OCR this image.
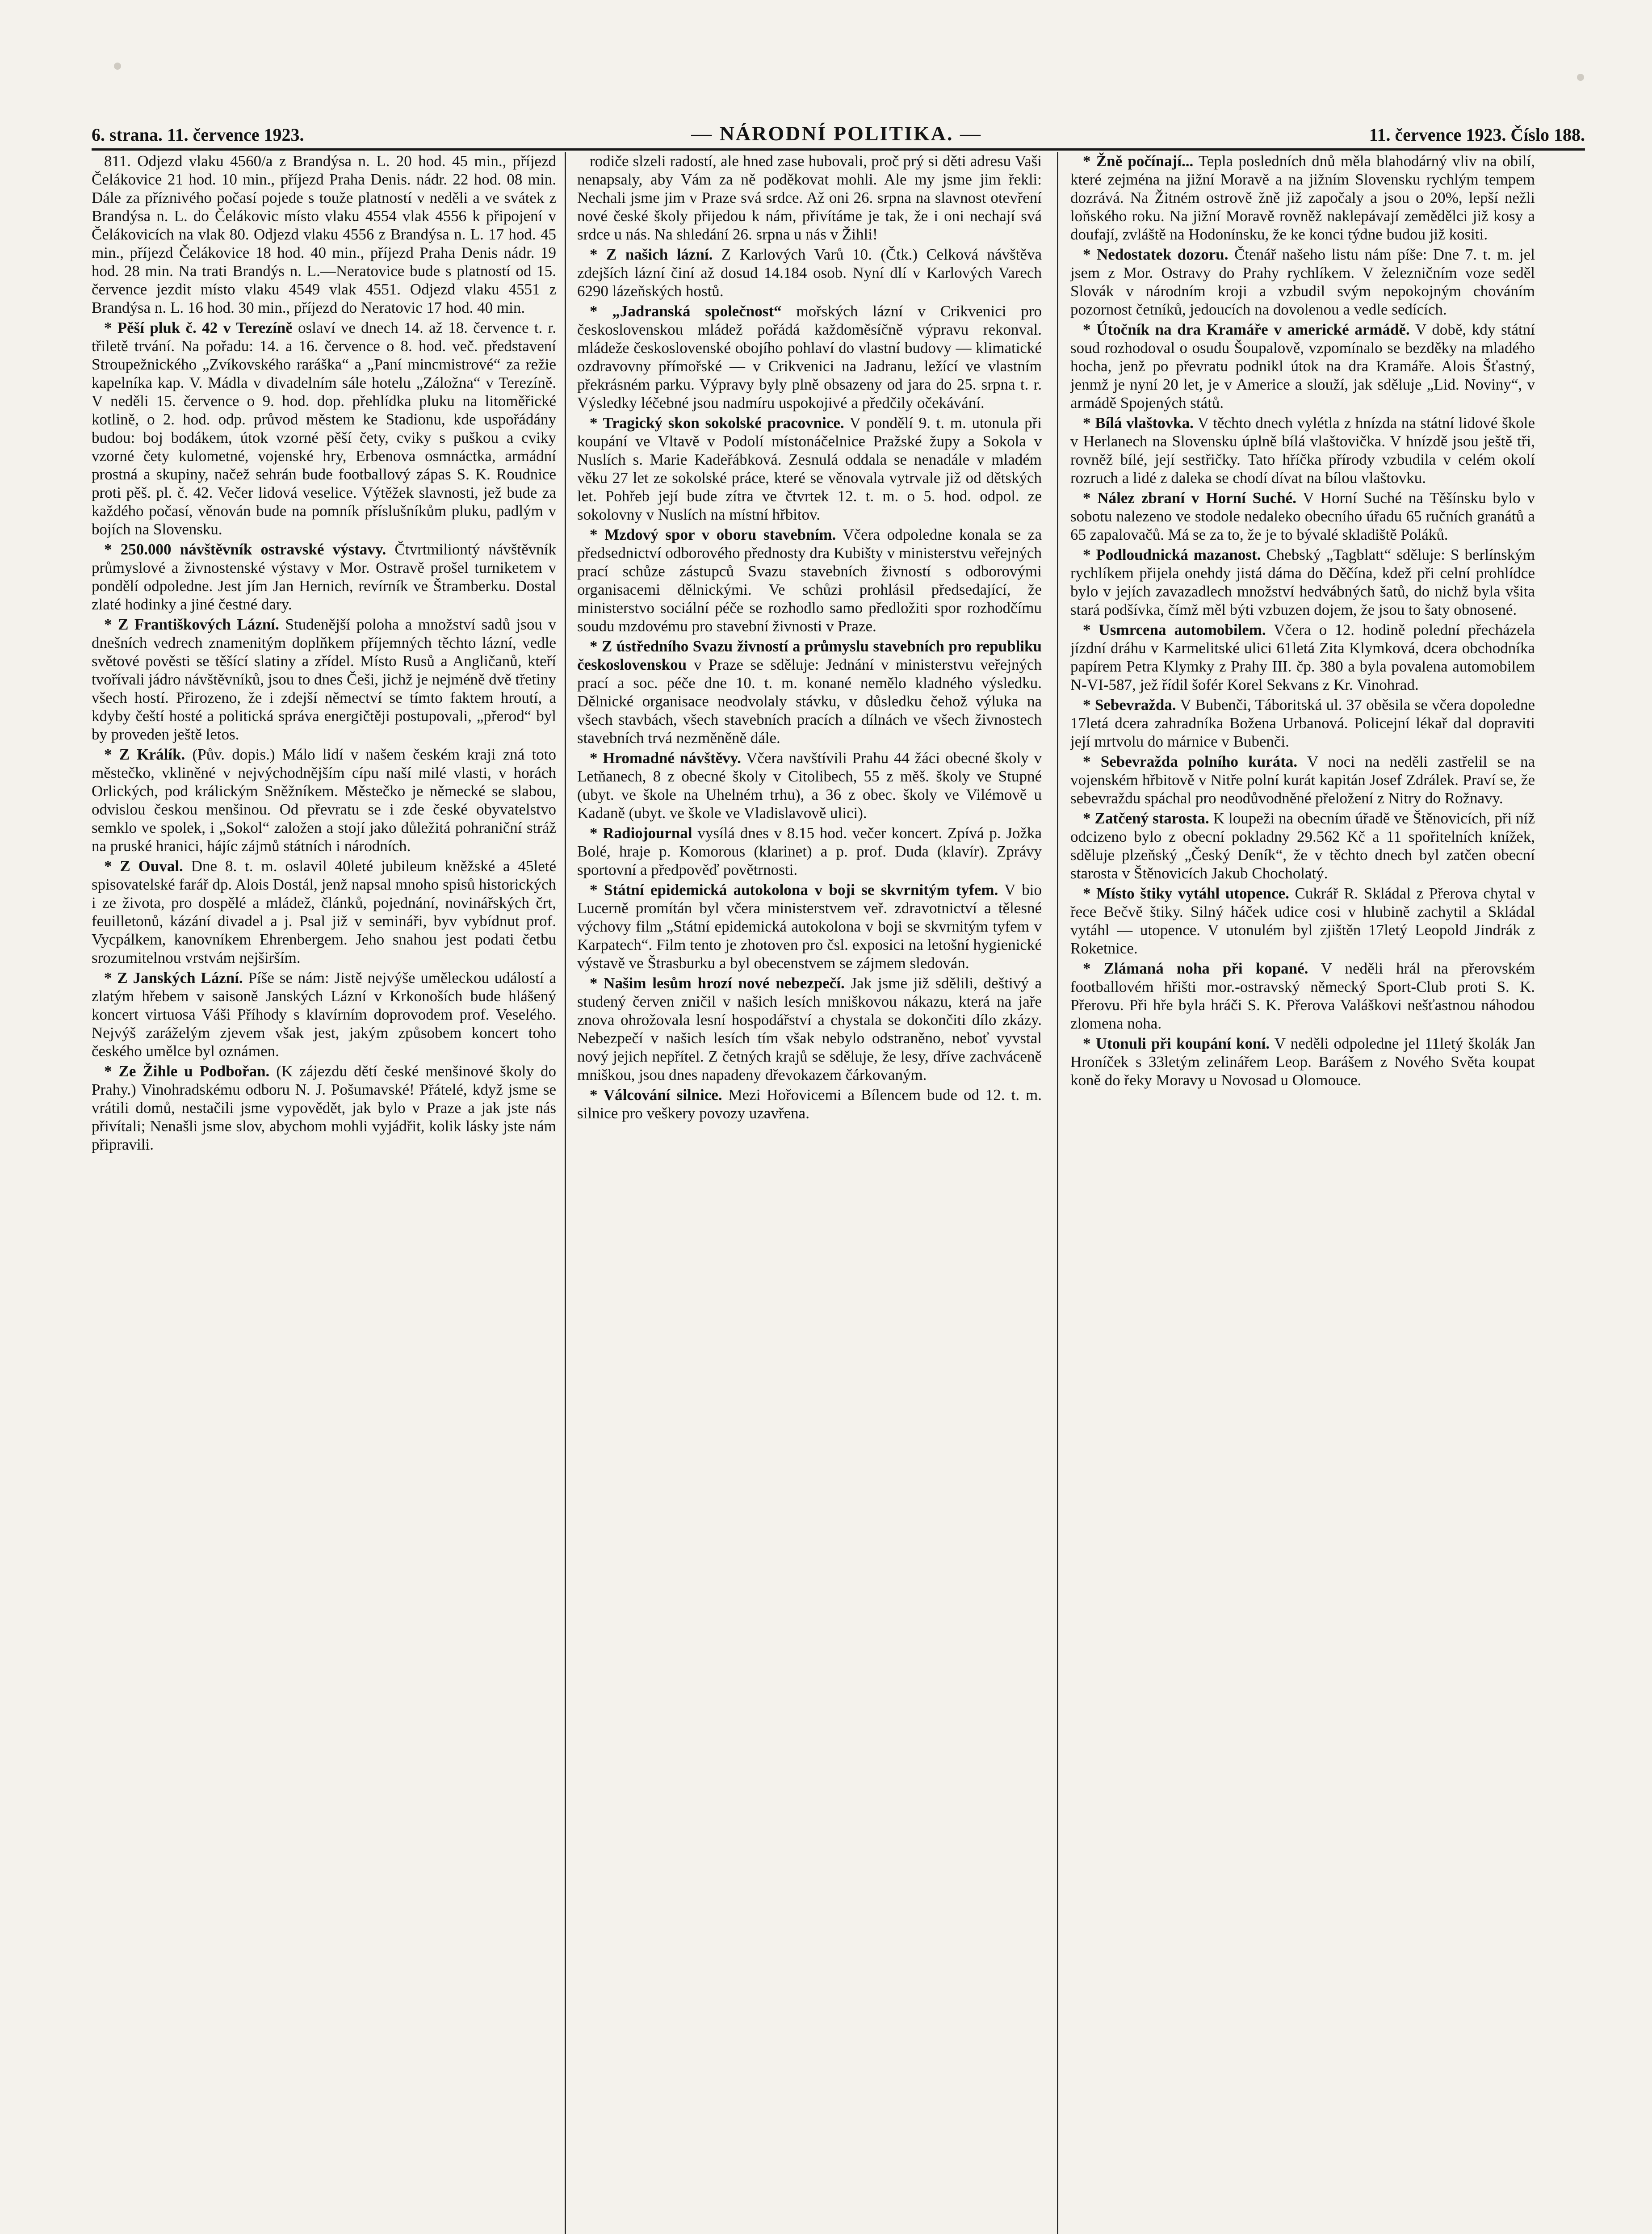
6. strana. 11. července 1923.	— NÁRODNÍ POLITIKA. —	11. července 1923. Číslo 188.

811. Odjezd vlaku 4560/a z Brandýsa n. L. 20 hod. 45 min., příjezd Čelákovice 21 hod. 10 min., příjezd Praha Denis. nádr. 22 hod. 08 min. Dále za příznivého počasí pojede s touže platností v neděli a ve svátek z Brandýsa n. L. do Čelákovic místo vlaku 4554 vlak 4556 k připojení v Čelákovicích na vlak 80. Odjezd vlaku 4556 z Brandýsa n. L. 17 hod. 45 min., příjezd Čelákovice 18 hod. 40 min., příjezd Praha Denis nádr. 19 hod. 28 min. Na trati Brandýs n. L.—Neratovice bude s platností od 15. července jezdit místo vlaku 4549 vlak 4551. Odjezd vlaku 4551 z Brandýsa n. L. 16 hod. 30 min., příjezd do Neratovic 17 hod. 40 min.

* Pěší pluk č. 42 v Terezíně oslaví ve dnech 14. až 18. července t. r. třiletě trvání. Na pořadu: 14. a 16. července o 8. hod. več. představení Stroupežnického „Zvíkovského raráška“ a „Paní mincmistrové“ za režie kapelníka kap. V. Mádla v divadelním sále hotelu „Záložna“ v Terezíně. V neděli 15. července o 9. hod. dop. přehlídka pluku na litoměřické kotlině, o 2. hod. odp. průvod městem ke Stadionu, kde uspořádány budou: boj bodákem, útok vzorné pěší čety, cviky s puškou a cviky vzorné čety kulometné, vojenské hry, Erbenova osmnáctka, armádní prostná a skupiny, načež sehrán bude footballový zápas S. K. Roudnice proti pěš. pl. č. 42. Večer lidová veselice. Výtěžek slavnosti, jež bude za každého počasí, věnován bude na pomník příslušníkům pluku, padlým v bojích na Slovensku.

* 250.000 návštěvník ostravské výstavy. Čtvrtmiliontý návštěvník průmyslové a živnostenské výstavy v Mor. Ostravě prošel turniketem v pondělí odpoledne. Jest jím Jan Hernich, revírník ve Štramberku. Dostal zlaté hodinky a jiné čestné dary.

* Z Františkových Lázní. Studenější poloha a množství sadů jsou v dnešních vedrech znamenitým doplňkem příjemných těchto lázní, vedle světové pověsti se těšící slatiny a zřídel. Místo Rusů a Angličanů, kteří tvořívali jádro návštěvníků, jsou to dnes Češi, jichž je nejméně dvě třetiny všech hostí. Přirozeno, že i zdejší němectví se tímto faktem hroutí, a kdyby čeští hosté a politická správa energičtěji postupovali, „přerod“ byl by proveden ještě letos.

* Z Králík. (Pův. dopis.) Málo lidí v našem českém kraji zná toto městečko, vkliněné v nejvýchodnějším cípu naší milé vlasti, v horách Orlických, pod králickým Sněžníkem. Městečko je německé se slabou, odvislou českou menšinou. Od převratu se i zde české obyvatelstvo semklo ve spolek, i „Sokol“ založen a stojí jako důležitá pohraniční stráž na pruské hranici, hájíc zájmů státních i národních.

* Z Ouval. Dne 8. t. m. oslavil 40leté jubileum kněžské a 45leté spisovatelské farář dp. Alois Dostál, jenž napsal mnoho spisů historických i ze života, pro dospělé a mládež, článků, pojednání, novinářských črt, feuilletonů, kázání divadel a j. Psal již v semináři, byv vybídnut prof. Vycpálkem, kanovníkem Ehrenbergem. Jeho snahou jest podati četbu srozumitelnou vrstvám nejširším.

* Z Janských Lázní. Píše se nám: Jistě nejvýše uměleckou událostí a zlatým hřebem v saisoně Janských Lázní v Krkonoších bude hlášený koncert virtuosa Váši Příhody s klavírním doprovodem prof. Veselého. Nejvýš zaráželým zjevem však jest, jakým způsobem koncert toho českého umělce byl oznámen.

* Ze Žihle u Podbořan. (K zájezdu dětí české menšinové školy do Prahy.) Vinohradskému odboru N. J. Pošumavské! Přátelé, když jsme se vrátili domů, nestačili jsme vypovědět, jak bylo v Praze a jak jste nás přivítali; Nenašli jsme slov, abychom mohli vyjádřit, kolik lásky jste nám připravili.

rodiče slzeli radostí, ale hned zase hubovali, proč prý si děti adresu Vaši nenapsaly, aby Vám za ně poděkovat mohli. Ale my jsme jim řekli: Nechali jsme jim v Praze svá srdce. Až oni 26. srpna na slavnost otevření nové české školy přijedou k nám, přivítáme je tak, že i oni nechají svá srdce u nás. Na shledání 26. srpna u nás v Žihli!

* Z našich lázní. Z Karlových Varů 10. (Čtk.) Celková návštěva zdejších lázní činí až dosud 14.184 osob. Nyní dlí v Karlových Varech 6290 lázeňských hostů.

* „Jadranská společnost“ mořských lázní v Crikvenici pro československou mládež pořádá každoměsíčně výpravu rekonval. mládeže československé obojího pohlaví do vlastní budovy — klimatické ozdravovny přímořské — v Crikvenici na Jadranu, ležící ve vlastním překrásném parku. Výpravy byly plně obsazeny od jara do 25. srpna t. r. Výsledky léčebné jsou nadmíru uspokojivé a předčily očekávání.

* Tragický skon sokolské pracovnice. V pondělí 9. t. m. utonula při koupání ve Vltavě v Podolí místonáčelnice Pražské župy a Sokola v Nuslích s. Marie Kadeřábková. Zesnulá oddala se nenadále v mladém věku 27 let ze sokolské práce, které se věnovala vytrvale již od dětských let. Pohřeb její bude zítra ve čtvrtek 12. t. m. o 5. hod. odpol. ze sokolovny v Nuslích na místní hřbitov.

* Mzdový spor v oboru stavebním. Včera odpoledne konala se za předsednictví odborového přednosty dra Kubišty v ministerstvu veřejných prací schůze zástupců Svazu stavebních živností s odborovými organisacemi dělnickými. Ve schůzi prohlásil předsedající, že ministerstvo sociální péče se rozhodlo samo předložiti spor rozhodčímu soudu mzdovému pro stavební živnosti v Praze.

* Z ústředního Svazu živností a průmyslu stavebních pro republiku československou v Praze se sděluje: Jednání v ministerstvu veřejných prací a soc. péče dne 10. t. m. konané nemělo kladného výsledku. Dělnické organisace neodvolaly stávku, v důsledku čehož výluka na všech stavbách, všech stavebních pracích a dílnách ve všech živnostech stavebních trvá nezměněně dále.

* Hromadné návštěvy. Včera navštívili Prahu 44 žáci obecné školy v Letňanech, 8 z obecné školy v Citolibech, 55 z měš. školy ve Stupné (ubyt. ve škole na Uhelném trhu), a 36 z obec. školy ve Vilémově u Kadaně (ubyt. ve škole ve Vladislavově ulici).

* Radiojournal vysílá dnes v 8.15 hod. večer koncert. Zpívá p. Jožka Bolé, hraje p. Komorous (klarinet) a p. prof. Duda (klavír). Zprávy sportovní a předpověď povětrnosti.

* Státní epidemická autokolona v boji se skvrnitým tyfem. V bio Lucerně promítán byl včera ministerstvem veř. zdravotnictví a tělesné výchovy film „Státní epidemická autokolona v boji se skvrnitým tyfem v Karpatech“. Film tento je zhotoven pro čsl. exposici na letošní hygienické výstavě ve Štrasburku a byl obecenstvem se zájmem sledován.

* Našim lesům hrozí nové nebezpečí. Jak jsme již sdělili, deštivý a studený červen zničil v našich lesích mniškovou nákazu, která na jaře znova ohrožovala lesní hospodářství a chystala se dokončiti dílo zkázy. Nebezpečí v našich lesích tím však nebylo odstraněno, neboť vyvstal nový jejich nepřítel. Z četných krajů se sděluje, že lesy, dříve zachváceně mniškou, jsou dnes napadeny dřevokazem čárkovaným.

* Válcování silnice. Mezi Hořovicemi a Bílencem bude od 12. t. m. silnice pro veškery povozy uzavřena.

* Žně počínají... Tepla posledních dnů měla blahodárný vliv na obilí, které zejména na jižní Moravě a na jižním Slovensku rychlým tempem dozrává. Na Žitném ostrově žně již započaly a jsou o 20%, lepší nežli loňského roku. Na jižní Moravě rovněž naklepávají zemědělci již kosy a doufají, zvláště na Hodonínsku, že ke konci týdne budou již kositi.

* Nedostatek dozoru. Čtenář našeho listu nám píše: Dne 7. t. m. jel jsem z Mor. Ostravy do Prahy rychlíkem. V železničním voze seděl Slovák v národním kroji a vzbudil svým nepokojným chováním pozornost četníků, jedoucích na dovolenou a vedle sedících.

* Útočník na dra Kramáře v americké armádě. V době, kdy státní soud rozhodoval o osudu Šoupalově, vzpomínalo se bezděky na mladého hocha, jenž po převratu podnikl útok na dra Kramáře. Alois Šťastný, jenmž je nyní 20 let, je v Americe a slouží, jak sděluje „Lid. Noviny“, v armádě Spojených států.

* Bílá vlaštovka. V těchto dnech vylétla z hnízda na státní lidové škole v Herlanech na Slovensku úplně bílá vlaštovička. V hnízdě jsou ještě tři, rovněž bílé, její sestřičky. Tato hříčka přírody vzbudila v celém okolí rozruch a lidé z daleka se chodí dívat na bílou vlaštovku.

* Nález zbraní v Horní Suché. V Horní Suché na Těšínsku bylo v sobotu nalezeno ve stodole nedaleko obecního úřadu 65 ručních granátů a 65 zapalovačů. Má se za to, že je to bývalé skladiště Poláků.

* Podloudnická mazanost. Chebský „Tagblatt“ sděluje: S berlínským rychlíkem přijela onehdy jistá dáma do Děčína, kdež při celní prohlídce bylo v jejích zavazadlech množství hedvábných šatů, do nichž byla všita stará podšívka, čímž měl býti vzbuzen dojem, že jsou to šaty obnosené.

* Usmrcena automobilem. Včera o 12. hodině polední přecházela jízdní dráhu v Karmelitské ulici 61letá Zita Klymková, dcera obchodníka papírem Petra Klymky z Prahy III. čp. 380 a byla povalena automobilem N-VI-587, jež řídil šofér Korel Sekvans z Kr. Vinohrad.

* Sebevražda. V Bubenči, Táboritská ul. 37 oběsila se včera dopoledne 17letá dcera zahradníka Božena Urbanová. Policejní lékař dal dopraviti její mrtvolu do márnice v Bubenči.

* Sebevražda polního kuráta. V noci na neděli zastřelil se na vojenském hřbitově v Nitře polní kurát kapitán Josef Zdrálek. Praví se, že sebevraždu spáchal pro neodůvodněné přeložení z Nitry do Rožnavy.

* Zatčený starosta. K loupeži na obecním úřadě ve Štěnovicích, při níž odcizeno bylo z obecní pokladny 29.562 Kč a 11 spořitelních knížek, sděluje plzeňský „Český Deník“, že v těchto dnech byl zatčen obecní starosta v Štěnovicích Jakub Chocholatý.

* Místo štiky vytáhl utopence. Cukrář R. Skládal z Přerova chytal v řece Bečvě štiky. Silný háček udice cosi v hlubině zachytil a Skládal vytáhl — utopence. V utonulém byl zjištěn 17letý Leopold Jindrák z Roketnice.

* Zlámaná noha při kopané. V neděli hrál na přerovském footballovém hřišti mor.-ostravský německý Sport-Club proti S. K. Přerovu. Při hře byla hráči S. K. Přerova Valáškovi nešťastnou náhodou zlomena noha.

* Utonuli při koupání koní. V neděli odpoledne jel 11letý školák Jan Hroníček s 33letým zelinářem Leop. Barášem z Nového Světa koupat koně do řeky Moravy u Novosad u Olomouce.
